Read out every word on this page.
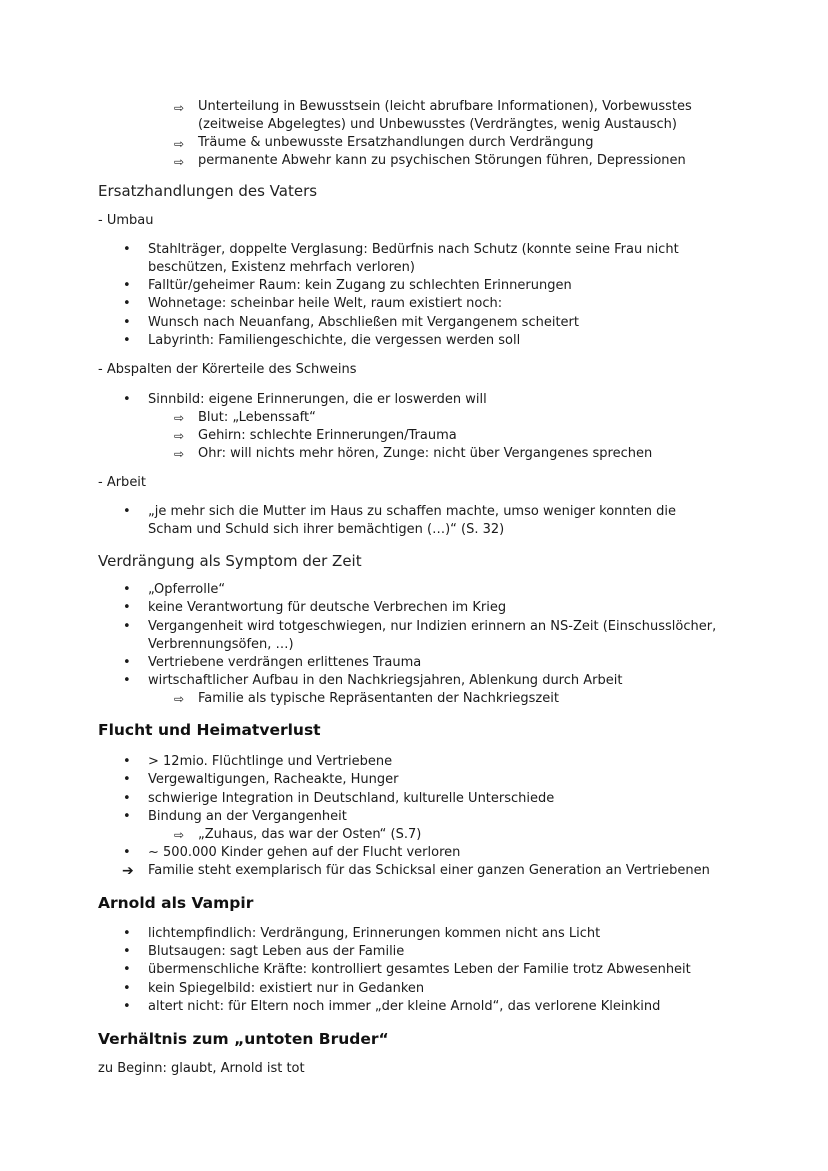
⇨ Unterteilung in Bewusstsein (leicht abrufbare Informationen), Vorbewusstes
(zeitweise Abgelegtes) und Unbewusstes (Verdrängtes, wenig Austausch)
⇨ Träume & unbewusste Ersatzhandlungen durch Verdrängung
⇨ permanente Abwehr kann zu psychischen Störungen führen, Depressionen
Ersatzhandlungen des Vaters
- Umbau
• Stahlträger, doppelte Verglasung: Bedürfnis nach Schutz (konnte seine Frau nicht
beschützen, Existenz mehrfach verloren)
• Falltür/geheimer Raum: kein Zugang zu schlechten Erinnerungen
• Wohnetage: scheinbar heile Welt, raum existiert noch:
• Wunsch nach Neuanfang, Abschließen mit Vergangenem scheitert
• Labyrinth: Familiengeschichte, die vergessen werden soll
- Abspalten der Körerteile des Schweins
• Sinnbild: eigene Erinnerungen, die er loswerden will
⇨ Blut: „Lebenssaft“
⇨ Gehirn: schlechte Erinnerungen/Trauma
⇨ Ohr: will nichts mehr hören, Zunge: nicht über Vergangenes sprechen
- Arbeit
• „je mehr sich die Mutter im Haus zu schaffen machte, umso weniger konnten die
Scham und Schuld sich ihrer bemächtigen (…)“ (S. 32)
Verdrängung als Symptom der Zeit
• „Opferrolle“
• keine Verantwortung für deutsche Verbrechen im Krieg
• Vergangenheit wird totgeschwiegen, nur Indizien erinnern an NS-Zeit (Einschusslöcher,
Verbrennungsöfen, …)
• Vertriebene verdrängen erlittenes Trauma
• wirtschaftlicher Aufbau in den Nachkriegsjahren, Ablenkung durch Arbeit
⇨ Familie als typische Repräsentanten der Nachkriegszeit
Flucht und Heimatverlust
• > 12mio. Flüchtlinge und Vertriebene
• Vergewaltigungen, Racheakte, Hunger
• schwierige Integration in Deutschland, kulturelle Unterschiede
• Bindung an der Vergangenheit
⇨ „Zuhaus, das war der Osten“ (S.7)
• ~ 500.000 Kinder gehen auf der Flucht verloren
➔ Familie steht exemplarisch für das Schicksal einer ganzen Generation an Vertriebenen
Arnold als Vampir
• lichtempfindlich: Verdrängung, Erinnerungen kommen nicht ans Licht
• Blutsaugen: sagt Leben aus der Familie
• übermenschliche Kräfte: kontrolliert gesamtes Leben der Familie trotz Abwesenheit
• kein Spiegelbild: existiert nur in Gedanken
• altert nicht: für Eltern noch immer „der kleine Arnold“, das verlorene Kleinkind
Verhältnis zum „untoten Bruder“
zu Beginn: glaubt, Arnold ist tot
